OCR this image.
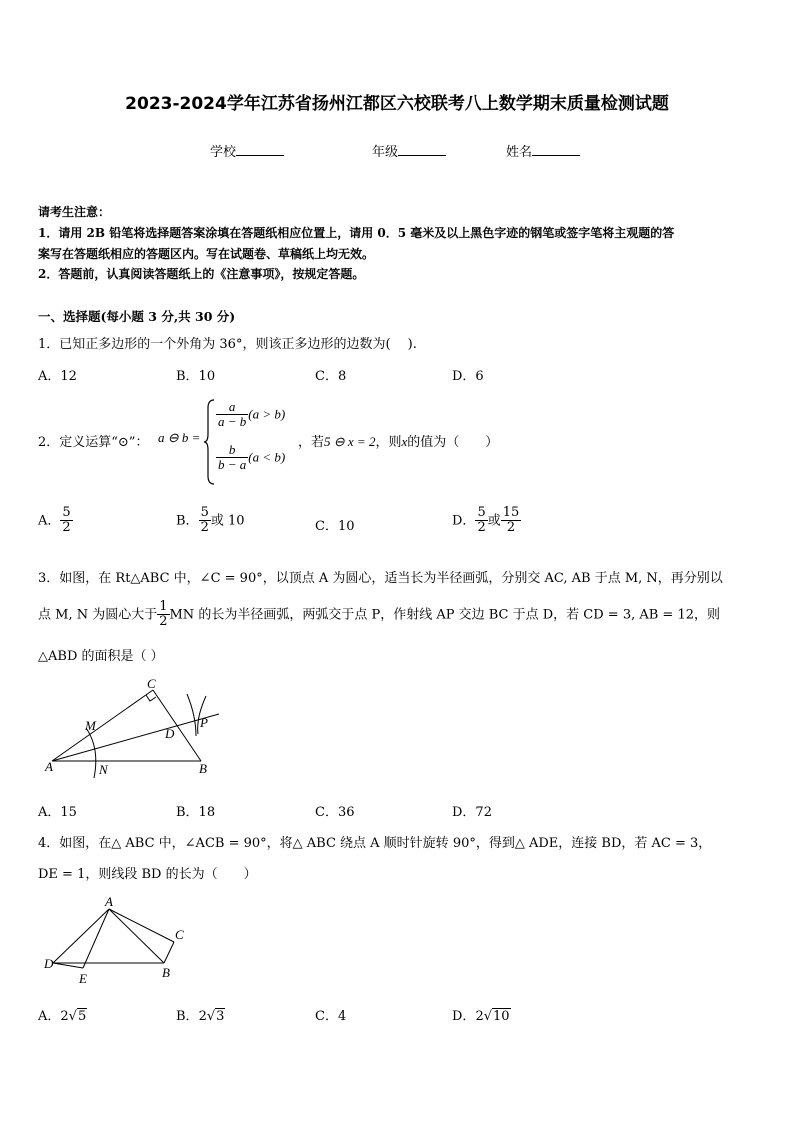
2023-2024学年江苏省扬州江都区六校联考八上数学期末质量检测试题
学校	年级	姓名
请考生注意：
1．请用 2B 铅笔将选择题答案涂填在答题纸相应位置上，请用 0．5 毫米及以上黑色字迹的钢笔或签字笔将主观题的答
案写在答题纸相应的答题区内。写在试题卷、草稿纸上均无效。
2．答题前，认真阅读答题纸上的《注意事项》，按规定答题。
一、选择题(每小题 3 分,共 30 分)
1．已知正多边形的一个外角为 36°，则该正多边形的边数为(　 ).
A．12	B．10	C．8	D．6
2．定义运算“⊙”： a ⊖ b =
$\frac{a}{a - b} (a > b)$
$\frac{b}{b - a} (a < b)$
，若5 ⊖ x = 2，则x的值为（　　）
A． $\frac{5}{2}$	B． $\frac{5}{2}$ 或 10	C．10	D． $\frac{5}{2}$ 或 $\frac{15}{2}$
3．如图，在 Rt△ABC 中，∠C = 90°，以顶点 A 为圆心，适当长为半径画弧，分别交 AC, AB 于点 M, N，再分别以
点 M, N 为圆心大于 $\frac{1}{2}$ MN 的长为半径画弧，两弧交于点 P，作射线 AP 交边 BC 于点 D，若 CD = 3, AB = 12，则
△ABD 的面积是（ ）
A	B
C
D
M
N
P
A．15	B．18	C．36	D．72
4．如图，在△ ABC 中，∠ACB = 90°，将△ ABC 绕点 A 顺时针旋转 90°，得到△ ADE，连接 BD，若 AC = 3，
DE = 1，则线段 BD 的长为（　　）
A
B
C
D
E
A．2√5	B．2√3	C．4	D．2√10
